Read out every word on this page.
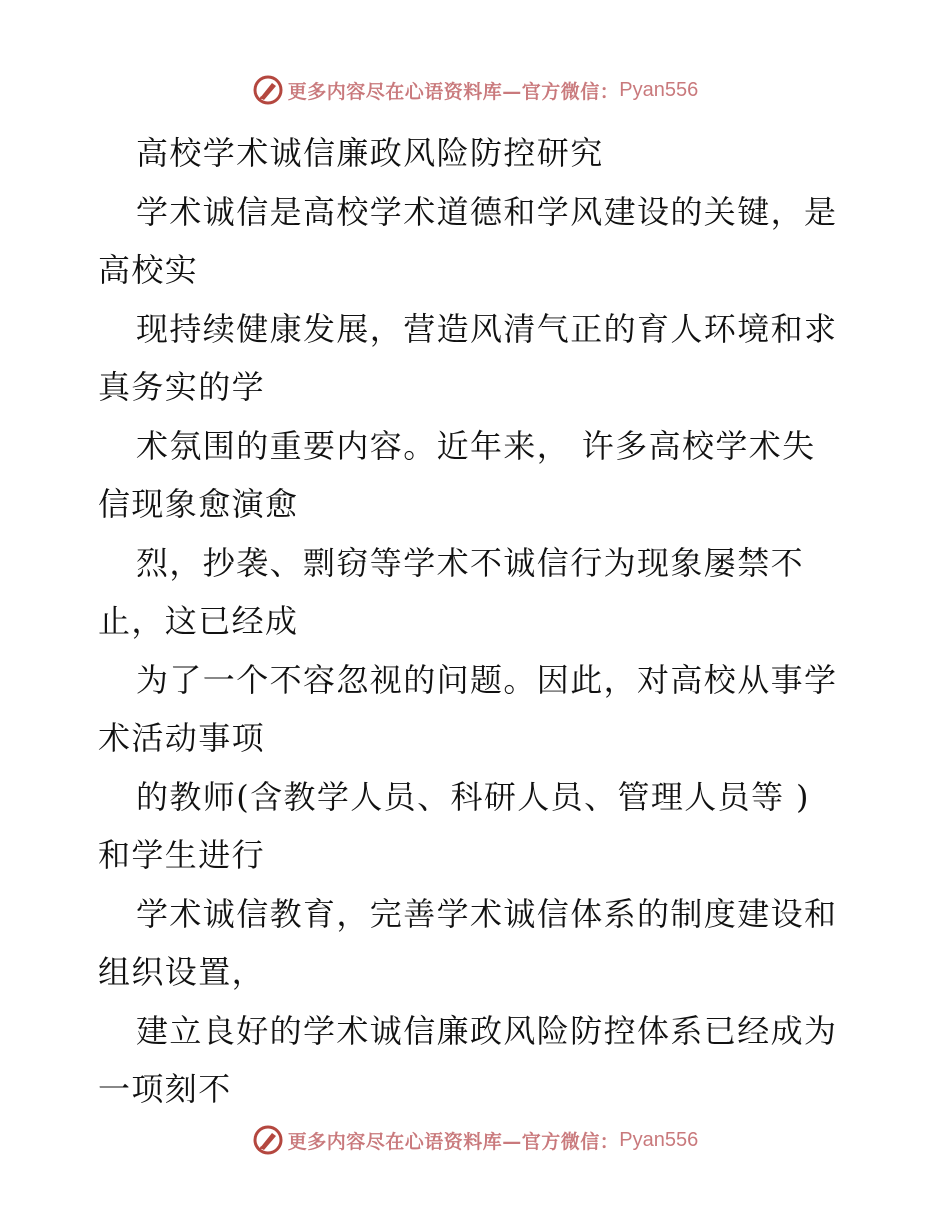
更多内容尽在心语资料库—官方微信： Pyan556
高校学术诚信廉政风险防控研究
学术诚信是高校学术道德和学风建设的关键，是
高校实
现持续健康发展，营造风清气正的育人环境和求
真务实的学
术氛围的重要内容。近年来， 许多高校学术失
信现象愈演愈
烈，抄袭、剽窃等学术不诚信行为现象屡禁不
止，这已经成
为了一个不容忽视的问题。因此，对高校从事学
术活动事项
的教师(含教学人员、科研人员、管理人员等 )
和学生进行
学术诚信教育，完善学术诚信体系的制度建设和
组织设置，
建立良好的学术诚信廉政风险防控体系已经成为
一项刻不
更多内容尽在心语资料库—官方微信： Pyan556
